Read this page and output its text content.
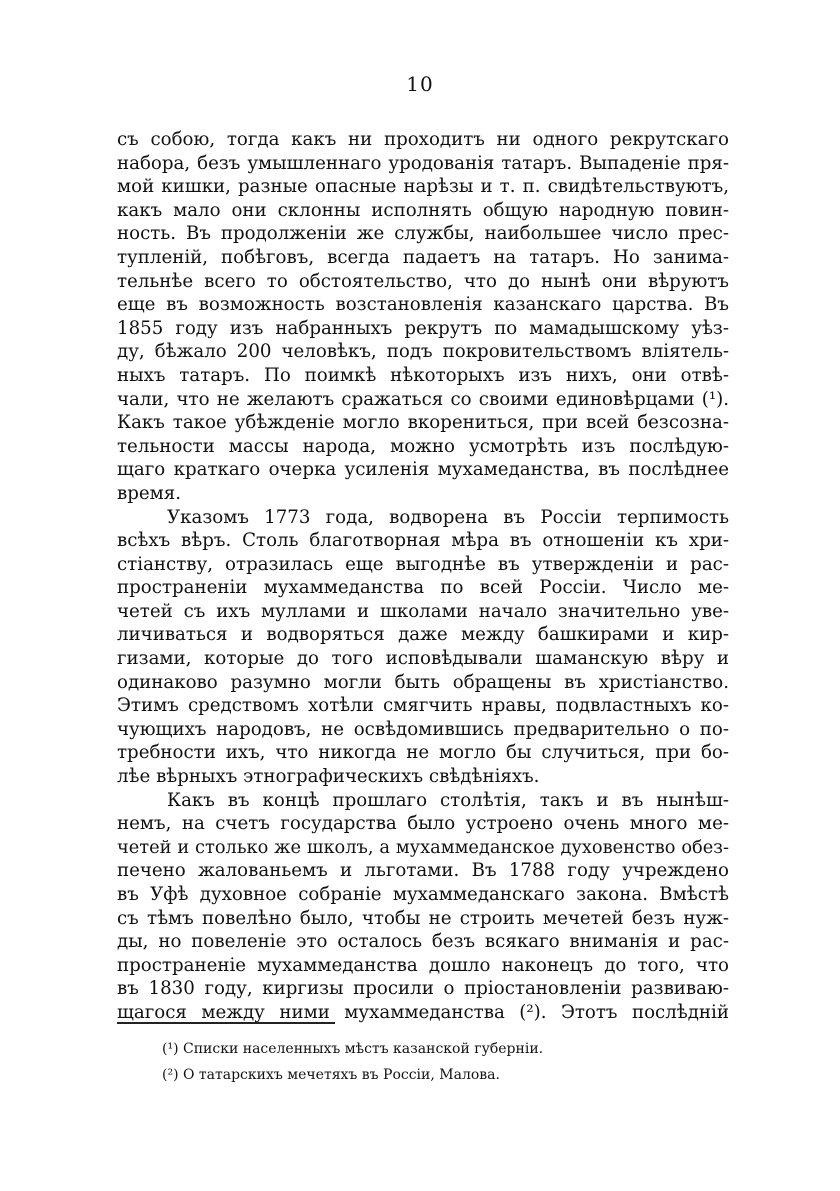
10
съ собою, тогда какъ ни проходитъ ни одного рекрутскаго
набора, безъ умышленнаго уродованія татаръ. Выпаденіе пря-
мой кишки, разные опасные нарѣзы и т. п. свидѣтельствуютъ,
какъ мало они склонны исполнять общую народную повин-
ность. Въ продолженіи же службы, наибольшее число прес-
тупленій, побѣговъ, всегда падаетъ на татаръ. Но занима-
тельнѣе всего то обстоятельство, что до нынѣ они вѣруютъ
еще въ возможность возстановленія казанскаго царства. Въ
1855 году изъ набранныхъ рекрутъ по мамадышскому уѣз-
ду, бѣжало 200 человѣкъ, подъ покровительствомъ вліятель-
ныхъ татаръ. По поимкѣ нѣкоторыхъ изъ нихъ, они отвѣ-
чали, что не желаютъ сражаться со своими единовѣрцами (¹).
Какъ такое убѣжденіе могло вкорениться, при всей безсозна-
тельности массы народа, можно усмотрѣть изъ послѣдую-
щаго краткаго очерка усиленія мухамеданства, въ послѣднее
время.
Указомъ 1773 года, водворена въ Россіи терпимость
всѣхъ вѣръ. Столь благотворная мѣра въ отношеніи къ хри-
стіанству, отразилась еще выгоднѣе въ утвержденіи и рас-
пространеніи мухаммеданства по всей Россіи. Число ме-
четей съ ихъ муллами и школами начало значительно уве-
личиваться и водворяться даже между башкирами и кир-
гизами, которые до того исповѣдывали шаманскую вѣру и
одинаково разумно могли быть обращены въ христіанство.
Этимъ средствомъ хотѣли смягчить нравы, подвластныхъ ко-
чующихъ народовъ, не освѣдомившись предварительно о по-
требности ихъ, что никогда не могло бы случиться, при бо-
лѣе вѣрныхъ этнографическихъ свѣдѣніяхъ.
Какъ въ концѣ прошлаго столѣтія, такъ и въ нынѣш-
немъ, на счетъ государства было устроено очень много ме-
четей и столько же школъ, а мухаммеданское духовенство обез-
печено жалованьемъ и льготами. Въ 1788 году учреждено
въ Уфѣ духовное собраніе мухаммеданскаго закона. Вмѣстѣ
съ тѣмъ повелѣно было, чтобы не строить мечетей безъ нуж-
ды, но повеленіе это осталось безъ всякаго вниманія и рас-
пространеніе мухаммеданства дошло наконецъ до того, что
въ 1830 году, киргизы просили о пріостановленіи развиваю-
щагося между ними мухаммеданства (²). Этотъ послѣдній
(¹) Списки населенныхъ мѣстъ казанской губерніи.
(²) О татарскихъ мечетяхъ въ Россіи, Малова.
